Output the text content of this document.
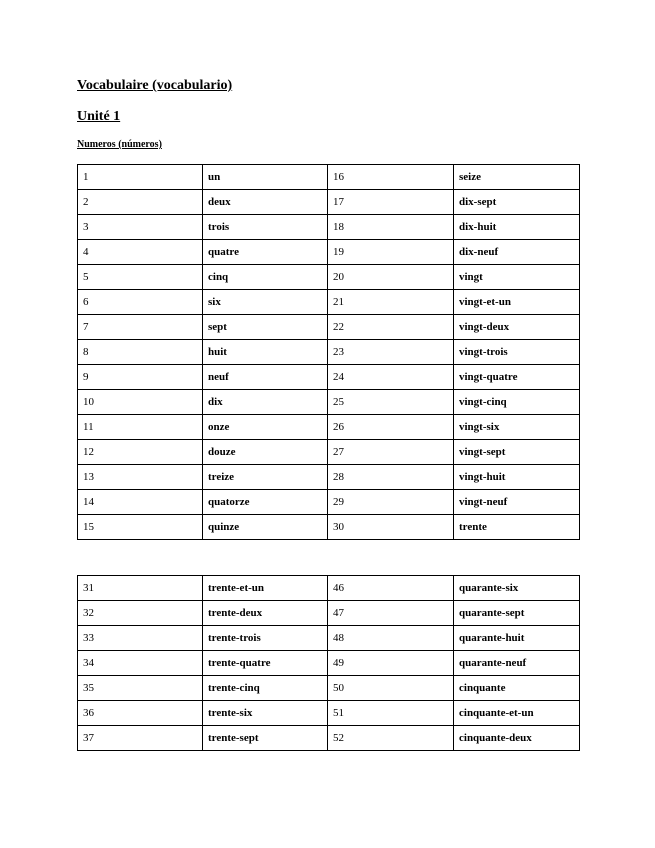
Vocabulaire (vocabulario)
Unité 1
Numeros (números)
1	un	16	seize
2	deux	17	dix-sept
3	trois	18	dix-huit
4	quatre	19	dix-neuf
5	cinq	20	vingt
6	six	21	vingt-et-un
7	sept	22	vingt-deux
8	huit	23	vingt-trois
9	neuf	24	vingt-quatre
10	dix	25	vingt-cinq
11	onze	26	vingt-six
12	douze	27	vingt-sept
13	treize	28	vingt-huit
14	quatorze	29	vingt-neuf
15	quinze	30	trente
31	trente-et-un	46	quarante-six
32	trente-deux	47	quarante-sept
33	trente-trois	48	quarante-huit
34	trente-quatre	49	quarante-neuf
35	trente-cinq	50	cinquante
36	trente-six	51	cinquante-et-un
37	trente-sept	52	cinquante-deux
